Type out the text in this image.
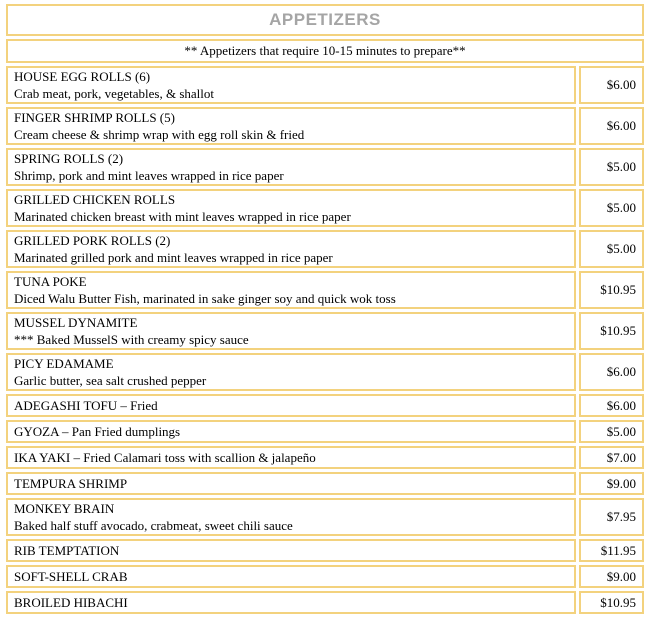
APPETIZERS
** Appetizers that require 10-15 minutes to prepare**
HOUSE EGG ROLLS (6)
Crab meat, pork, vegetables, & shallot
$6.00
FINGER SHRIMP ROLLS (5)
Cream cheese & shrimp wrap with egg roll skin & fried
$6.00
SPRING ROLLS (2)
Shrimp, pork and mint leaves wrapped in rice paper
$5.00
GRILLED CHICKEN ROLLS
Marinated chicken breast with mint leaves wrapped in rice paper
$5.00
GRILLED PORK ROLLS (2)
Marinated grilled pork and mint leaves wrapped in rice paper
$5.00
TUNA POKE
Diced Walu Butter Fish, marinated in sake ginger soy and quick wok toss
$10.95
MUSSEL DYNAMITE
*** Baked MusselS with creamy spicy sauce
$10.95
PICY EDAMAME
Garlic butter, sea salt crushed pepper
$6.00
ADEGASHI TOFU – Fried	$6.00
GYOZA – Pan Fried dumplings	$5.00
IKA YAKI – Fried Calamari toss with scallion & jalapeño	$7.00
TEMPURA SHRIMP	$9.00
MONKEY BRAIN
Baked half stuff avocado, crabmeat, sweet chili sauce
$7.95
RIB TEMPTATION	$11.95
SOFT-SHELL CRAB	$9.00
BROILED HIBACHI	$10.95
